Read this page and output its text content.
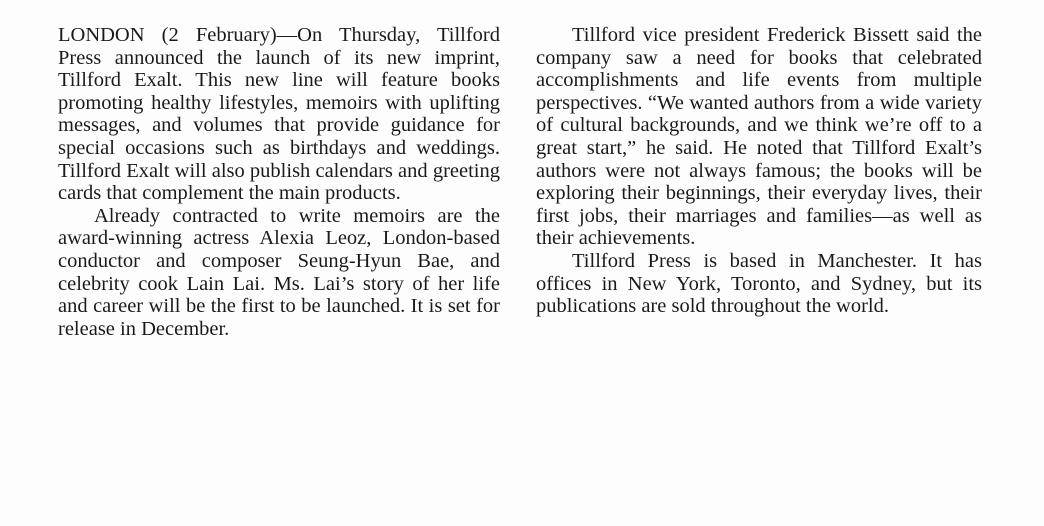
LONDON (2 February)—On Thursday, Tillford Press announced the launch of its new imprint, Tillford Exalt. This new line will feature books promoting healthy lifestyles, memoirs with uplifting messages, and volumes that provide guidance for special occasions such as birthdays and weddings. Tillford Exalt will also publish calendars and greeting cards that complement the main products.

Already contracted to write memoirs are the award-winning actress Alexia Leoz, London-based conductor and composer Seung-Hyun Bae, and celebrity cook Lain Lai. Ms. Lai’s story of her life and career will be the first to be launched. It is set for release in December.

Tillford vice president Frederick Bissett said the company saw a need for books that celebrated accomplishments and life events from multiple perspectives. “We wanted authors from a wide variety of cultural backgrounds, and we think we’re off to a great start,” he said. He noted that Tillford Exalt’s authors were not always famous; the books will be exploring their beginnings, their everyday lives, their first jobs, their marriages and families—as well as their achievements.

Tillford Press is based in Manchester. It has offices in New York, Toronto, and Sydney, but its publications are sold throughout the world.
